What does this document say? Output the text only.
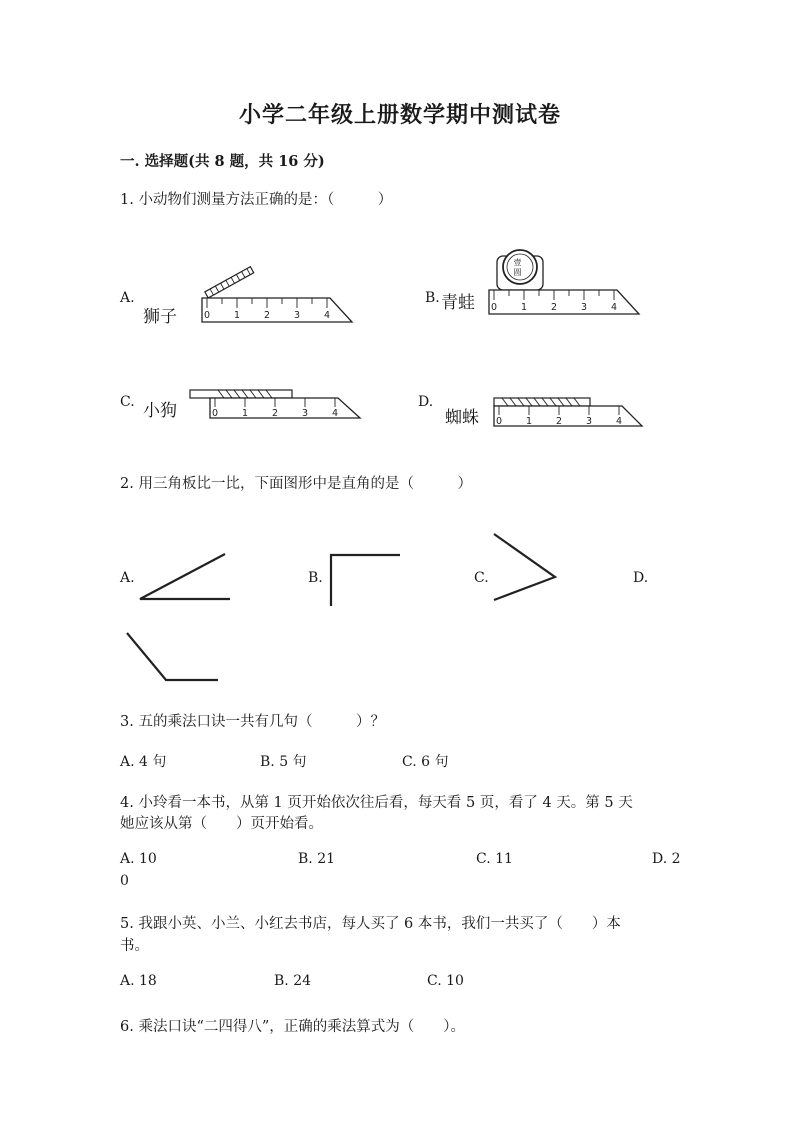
小学二年级上册数学期中测试卷
一. 选择题(共 8 题，共 16 分)
1. 小动物们测量方法正确的是：（　　　）
A.
狮子	0	1	2	3	4
B. 青蛙
壹
圆
0	1	2	3	4
C. 小狗	0	1	2	3	4
D.
蜘蛛 0	1	2	3	4
2. 用三角板比一比，下面图形中是直角的是（　　　）
A.	B.	C.	D.
3. 五的乘法口诀一共有几句（　　　）？
A. 4 句	B. 5 句	C. 6 句
4. 小玲看一本书，从第 1 页开始依次往后看，每天看 5 页，看了 4 天。第 5 天
她应该从第（　　）页开始看。
A. 10	B. 21	C. 11	D. 2
0
5. 我跟小英、小兰、小红去书店，每人买了 6 本书，我们一共买了（　　）本
书。
A. 18	B. 24	C. 10
6. 乘法口诀“二四得八”，正确的乘法算式为（　　）。
